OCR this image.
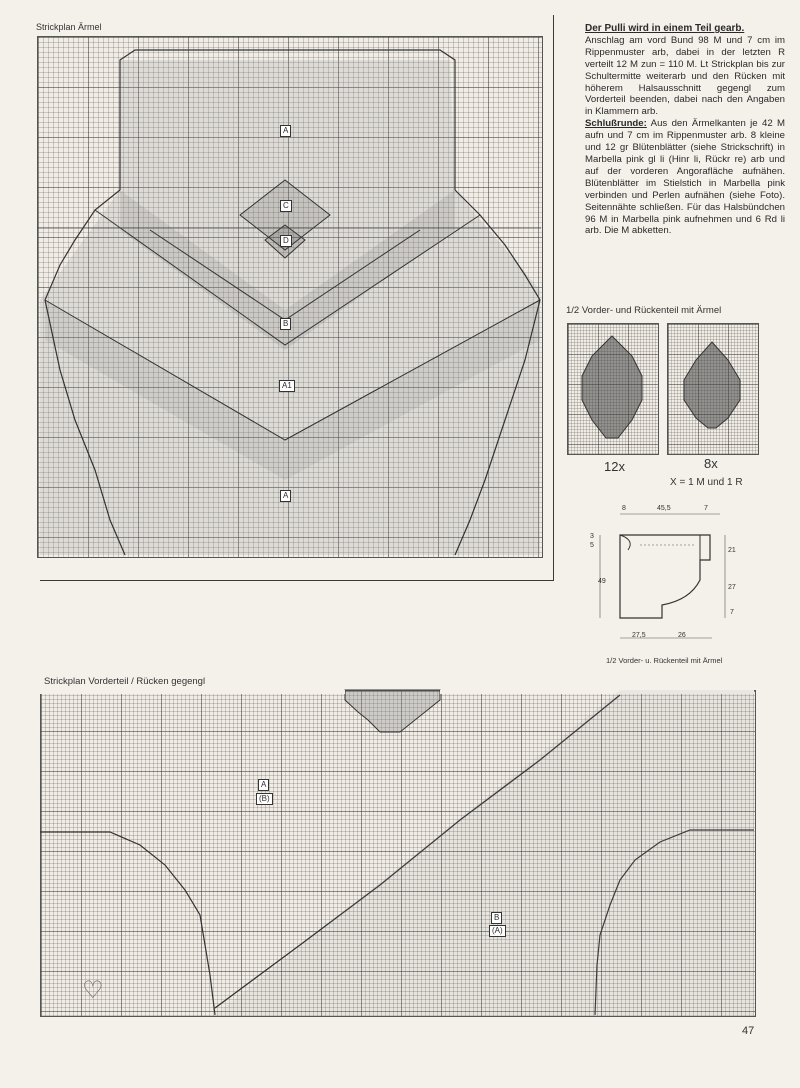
Strickplan Ärmel
A
C
D
B
A1
A
Der Pulli wird in einem Teil gearb.
Anschlag am vord Bund 98 M und 7 cm im Rippenmuster arb, dabei in der letzten R verteilt 12 M zun = 110 M. Lt Strickplan bis zur Schultermitte weiterarb und den Rücken mit höherem Halsausschnitt gegengl zum Vorderteil beenden, dabei nach den Angaben in Klammern arb.
Schlußrunde: Aus den Ärmelkanten je 42 M aufn und 7 cm im Rippenmuster arb. 8 kleine und 12 gr Blütenblätter (siehe Strickschrift) in Marbella pink gl li (Hinr li, Rückr re) arb und auf der vorderen Angorafläche aufnähen. Blütenblätter im Stielstich in Marbella pink verbinden und Perlen aufnähen (siehe Foto). Seitennähte schließen. Für das Halsbündchen 96 M in Marbella pink aufnehmen und 6 Rd li arb. Die M abketten.
1/2 Vorder- und Rückenteil mit Ärmel
12x	8x
X = 1 M und 1 R
8	45,5	7
3
5
49
21
27
7
27,5	26
1/2 Vorder- u. Rückenteil mit Ärmel
Strickplan Vorderteil / Rücken gegengl
A
(B)
B
(A)
♡
47
